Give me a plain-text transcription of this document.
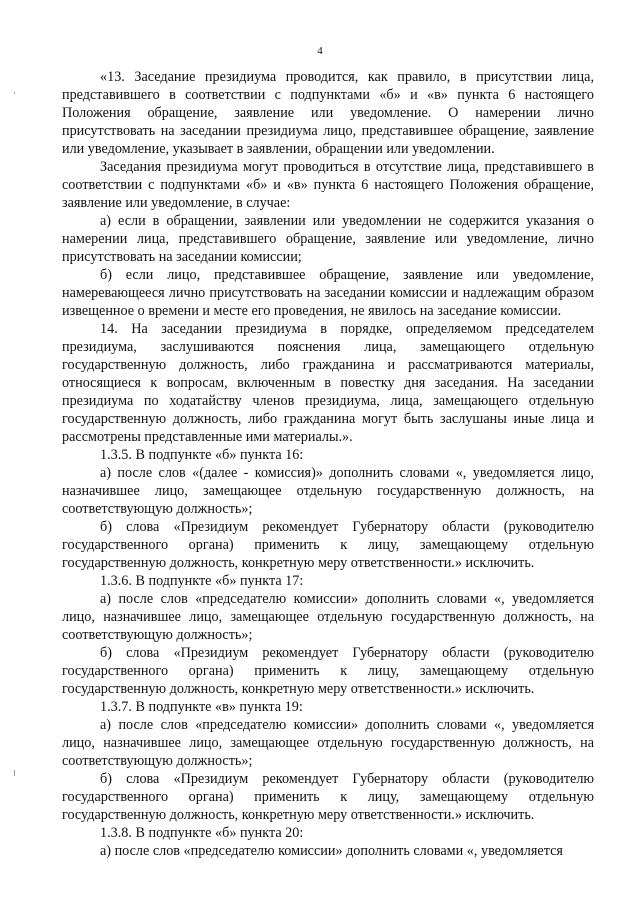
4

«13. Заседание президиума проводится, как правило, в присутствии лица, представившего в соответствии с подпунктами «б» и «в» пункта 6 настоящего Положения обращение, заявление или уведомление. О намерении лично присутствовать на заседании президиума лицо, представившее обращение, заявление или уведомление, указывает в заявлении, обращении или уведомлении.

Заседания президиума могут проводиться в отсутствие лица, представившего в соответствии с подпунктами «б» и «в» пункта 6 настоящего Положения обращение, заявление или уведомление, в случае:

а) если в обращении, заявлении или уведомлении не содержится указания о намерении лица, представившего обращение, заявление или уведомление, лично присутствовать на заседании комиссии;

б) если лицо, представившее обращение, заявление или уведомление, намеревающееся лично присутствовать на заседании комиссии и надлежащим образом извещенное о времени и месте его проведения, не явилось на заседание комиссии.

14. На заседании президиума в порядке, определяемом председателем президиума, заслушиваются пояснения лица, замещающего отдельную государственную должность, либо гражданина и рассматриваются материалы, относящиеся к вопросам, включенным в повестку дня заседания. На заседании президиума по ходатайству членов президиума, лица, замещающего отдельную государственную должность, либо гражданина могут быть заслушаны иные лица и рассмотрены представленные ими материалы.».

1.3.5. В подпункте «б» пункта 16:

а) после слов «(далее - комиссия)» дополнить словами «, уведомляется лицо, назначившее лицо, замещающее отдельную государственную должность, на соответствующую должность»;

б) слова «Президиум рекомендует Губернатору области (руководителю государственного органа) применить к лицу, замещающему отдельную государственную должность, конкретную меру ответственности.» исключить.

1.3.6. В подпункте «б» пункта 17:

а) после слов «председателю комиссии» дополнить словами «, уведомляется лицо, назначившее лицо, замещающее отдельную государственную должность, на соответствующую должность»;

б) слова «Президиум рекомендует Губернатору области (руководителю государственного органа) применить к лицу, замещающему отдельную государственную должность, конкретную меру ответственности.» исключить.

1.3.7. В подпункте «в» пункта 19:

а) после слов «председателю комиссии» дополнить словами «, уведомляется лицо, назначившее лицо, замещающее отдельную государственную должность, на соответствующую должность»;

б) слова «Президиум рекомендует Губернатору области (руководителю государственного органа) применить к лицу, замещающему отдельную государственную должность, конкретную меру ответственности.» исключить.

1.3.8. В подпункте «б» пункта 20:

а) после слов «председателю комиссии» дополнить словами «, уведомляется
